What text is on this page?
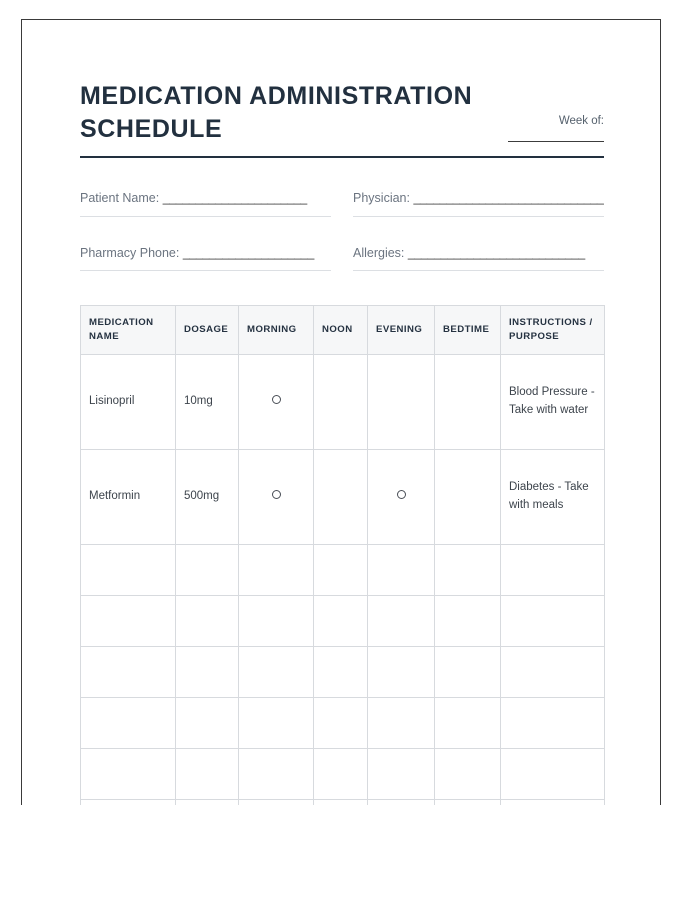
MEDICATION ADMINISTRATION SCHEDULE	Week of:
Patient Name: ______________________	Physician: _____________________________
Pharmacy Phone: ____________________	Allergies: ___________________________
MEDICATION NAME	DOSAGE	MORNING	NOON	EVENING	BEDTIME	INSTRUCTIONS / PURPOSE
Lisinopril	10mg					Blood Pressure - Take with water
Metformin	500mg					Diabetes - Take with meals
